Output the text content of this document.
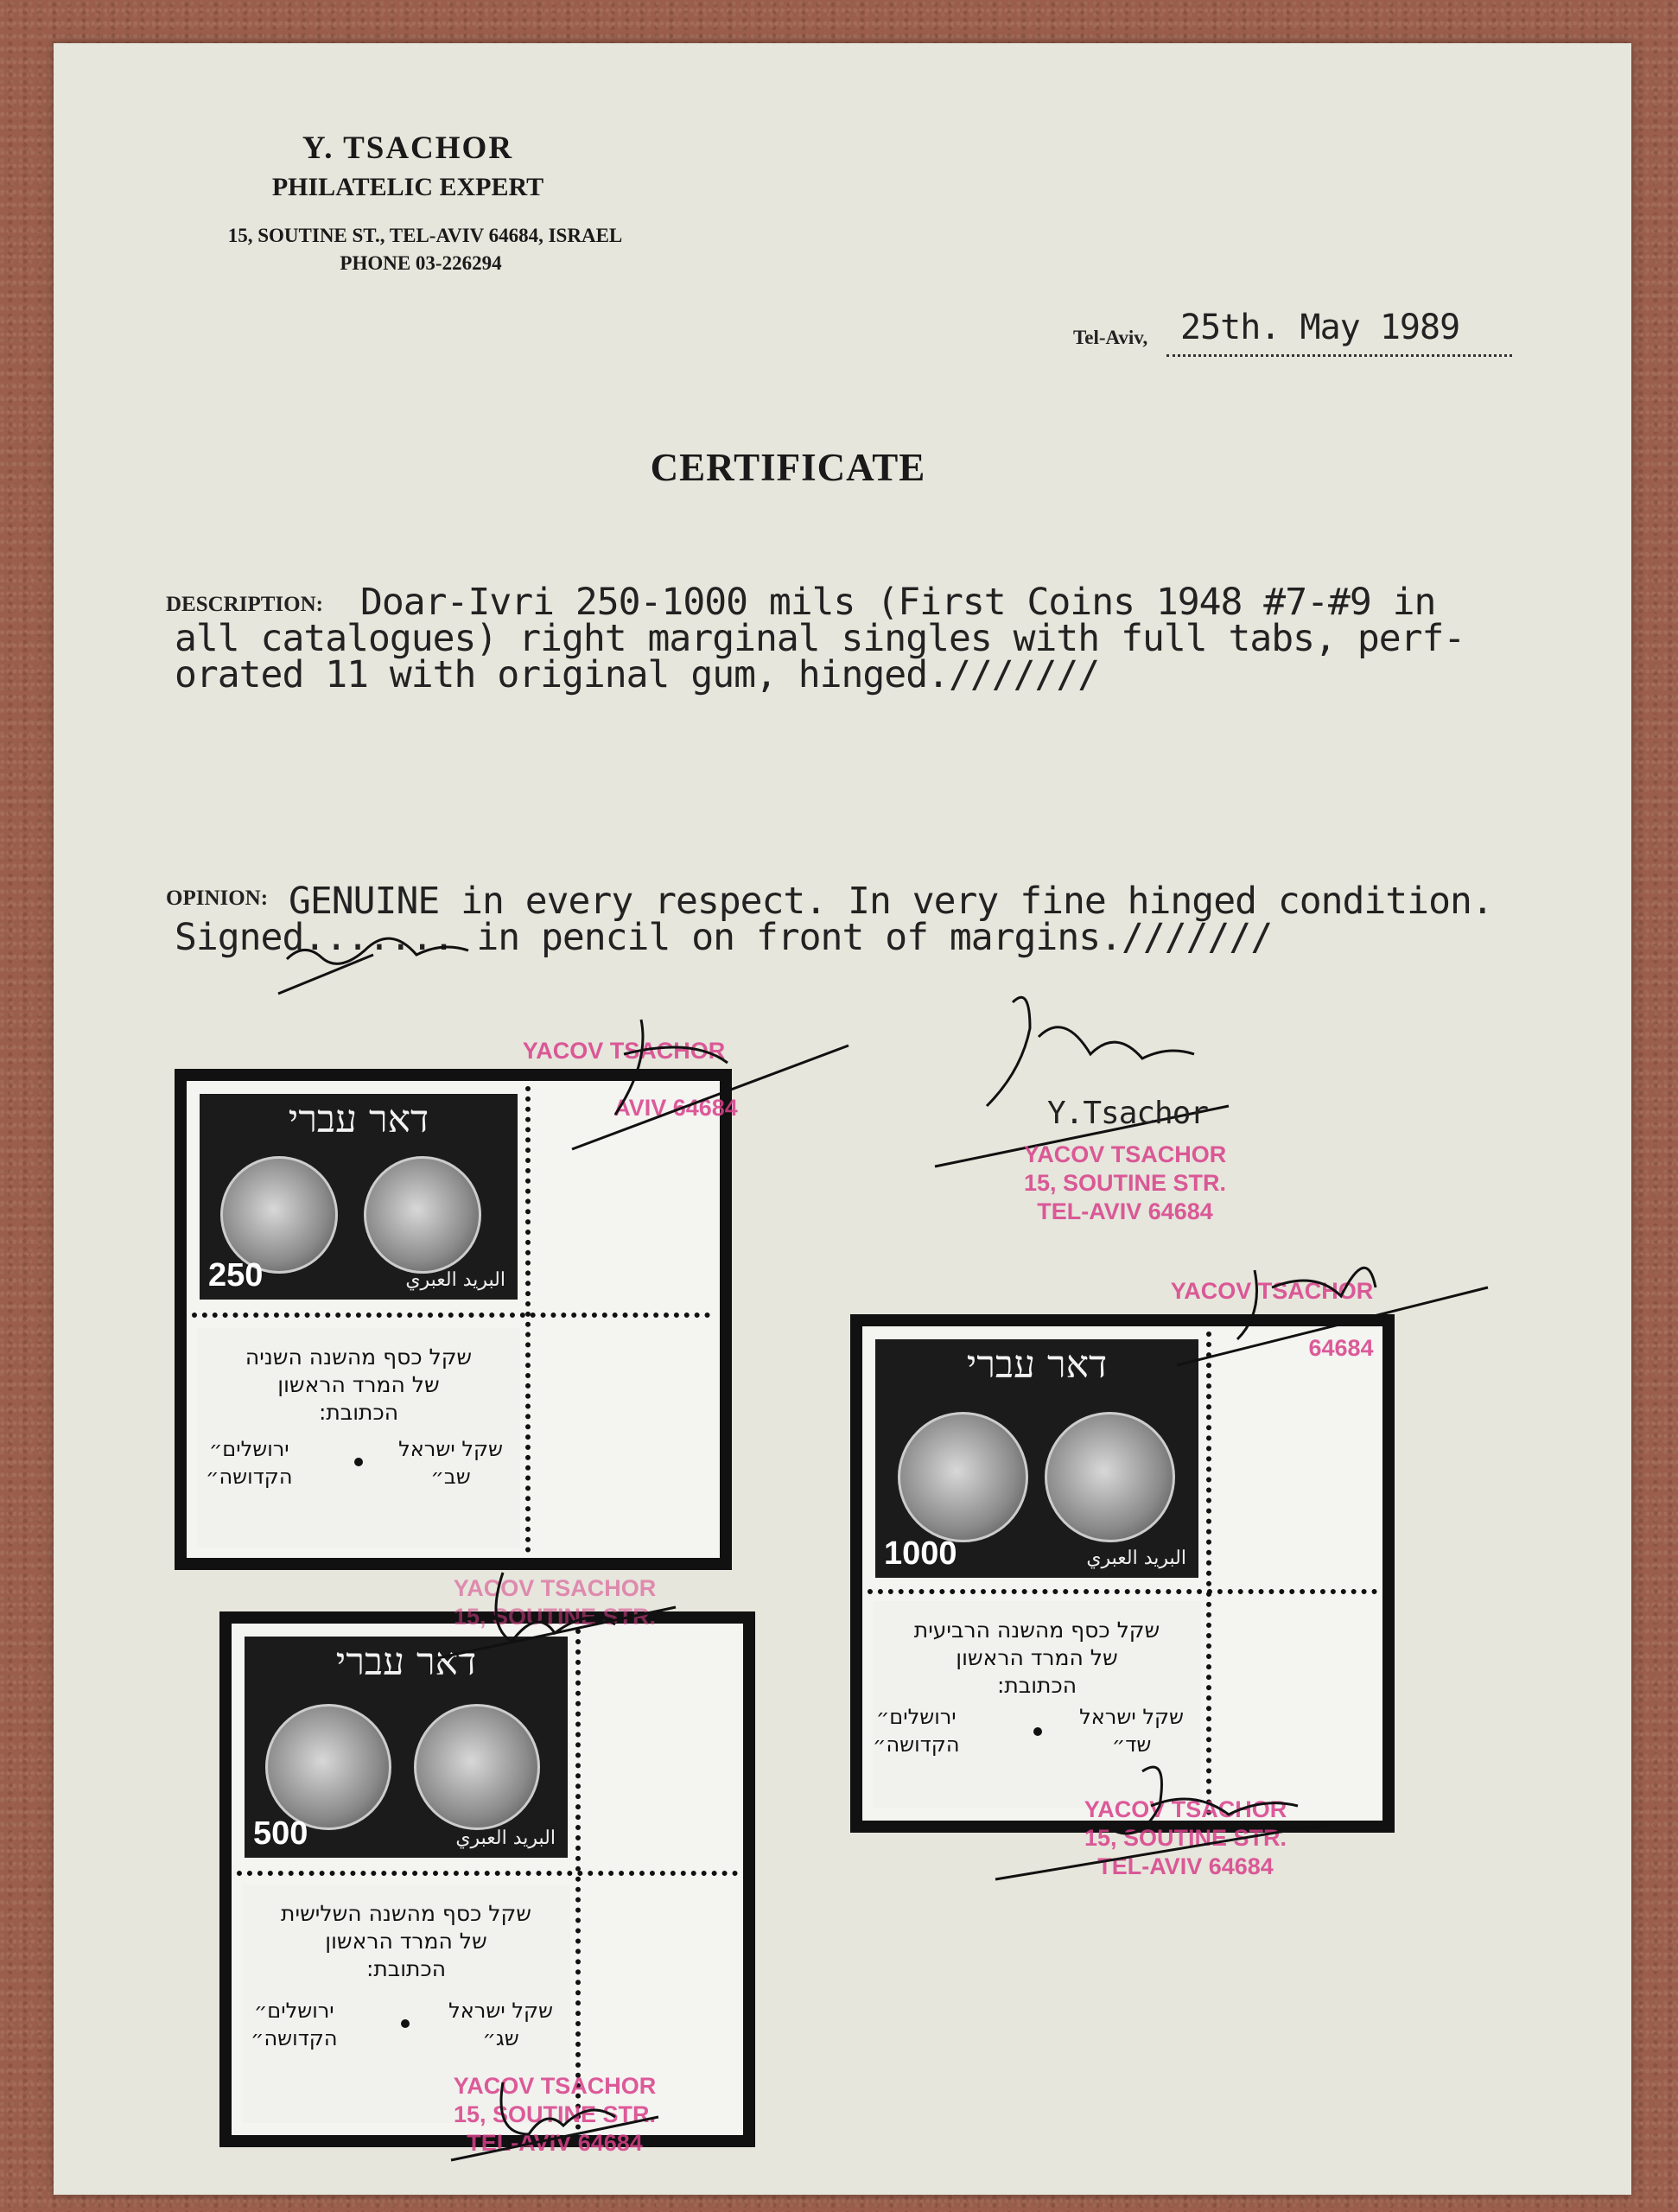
Y. TSACHOR
PHILATELIC EXPERT
15, SOUTINE ST., TEL-AVIV 64684, ISRAEL
PHONE 03-226294
Tel-Aviv, 25th. May 1989
CERTIFICATE
DESCRIPTION: Doar-Ivri 250-1000 mils (First Coins 1948 #7-#9 in
all catalogues) right marginal singles with full tabs, perf-
orated 11 with original gum, hinged.///////
OPINION: GENUINE in every respect. In very fine hinged condition.
Signed....... in pencil on front of margins.///////
Y.Tsachor
YACOV TSACHOR
15, SOUTINE STR.
TEL-AVIV 64684
דאר עברי
250	البريد العبري
שקל כסף מהשנה השניה
של המרד הראשון
הכתובת:
שקל ישראל
שב״
ירושלים״
הקדושה״
YACOV TSACHOR
AVIV 64684
דאר עברי
500	البريد العبري
שקל כסף מהשנה השלישית
של המרד הראשון
הכתובת:
שקל ישראל
שג״
ירושלים״
הקדושה״
YACOV TSACHOR
15, SOUTINE STR.
YACOV TSACHOR
15, SOUTINE STR.
TEL-AVIV 64684
דאר עברי
1000	البريد العبري
שקל כסף מהשנה הרביעית
של המרד הראשון
הכתובת:
שקל ישראל
שד״
ירושלים״
הקדושה״
YACOV TSACHOR
64684
YACOV TSACHOR
15, SOUTINE STR.
TEL-AVIV 64684
